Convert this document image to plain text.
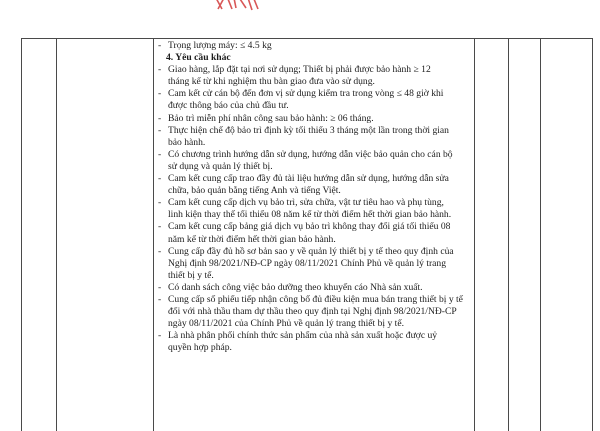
- Trọng lượng máy: ≤ 4.5 kg
4. Yêu cầu khác
- Giao hàng, lắp đặt tại nơi sử dụng; Thiết bị phải được bảo hành ≥ 12
tháng kể từ khi nghiệm thu bàn giao đưa vào sử dụng.
- Cam kết cử cán bộ đến đơn vị sử dụng kiểm tra trong vòng ≤ 48 giờ khi
được thông báo của chủ đầu tư.
- Bảo trì miễn phí nhân công sau bảo hành: ≥ 06 tháng.
- Thực hiện chế độ bảo trì định kỳ tối thiểu 3 tháng một lần trong thời gian
bảo hành.
- Có chương trình hướng dẫn sử dụng, hướng dẫn việc bảo quản cho cán bộ
sử dụng và quản lý thiết bị.
- Cam kết cung cấp trao đầy đủ tài liệu hướng dẫn sử dụng, hướng dẫn sửa
chữa, bảo quản bằng tiếng Anh và tiếng Việt.
- Cam kết cung cấp dịch vụ bảo trì, sửa chữa, vật tư tiêu hao và phụ tùng,
linh kiện thay thế tối thiểu 08 năm kể từ thời điểm hết thời gian bảo hành.
- Cam kết cung cấp bảng giá dịch vụ bảo trì không thay đổi giá tối thiểu 08
năm kể từ thời điểm hết thời gian bảo hành.
- Cung cấp đầy đủ hồ sơ bản sao y về quản lý thiết bị y tế theo quy định của
Nghị định 98/2021/NĐ-CP ngày 08/11/2021 Chính Phủ về quản lý trang
thiết bị y tế.
- Có danh sách công việc bảo dưỡng theo khuyến cáo Nhà sản xuất.
- Cung cấp số phiếu tiếp nhận công bố đủ điều kiện mua bán trang thiết bị y tế
đối với nhà thầu tham dự thầu theo quy định tại Nghị định 98/2021/NĐ-CP
ngày 08/11/2021 của Chính Phủ về quản lý trang thiết bị y tế.
- Là nhà phân phối chính thức sản phẩm của nhà sản xuất hoặc được uỷ
quyền hợp pháp.
